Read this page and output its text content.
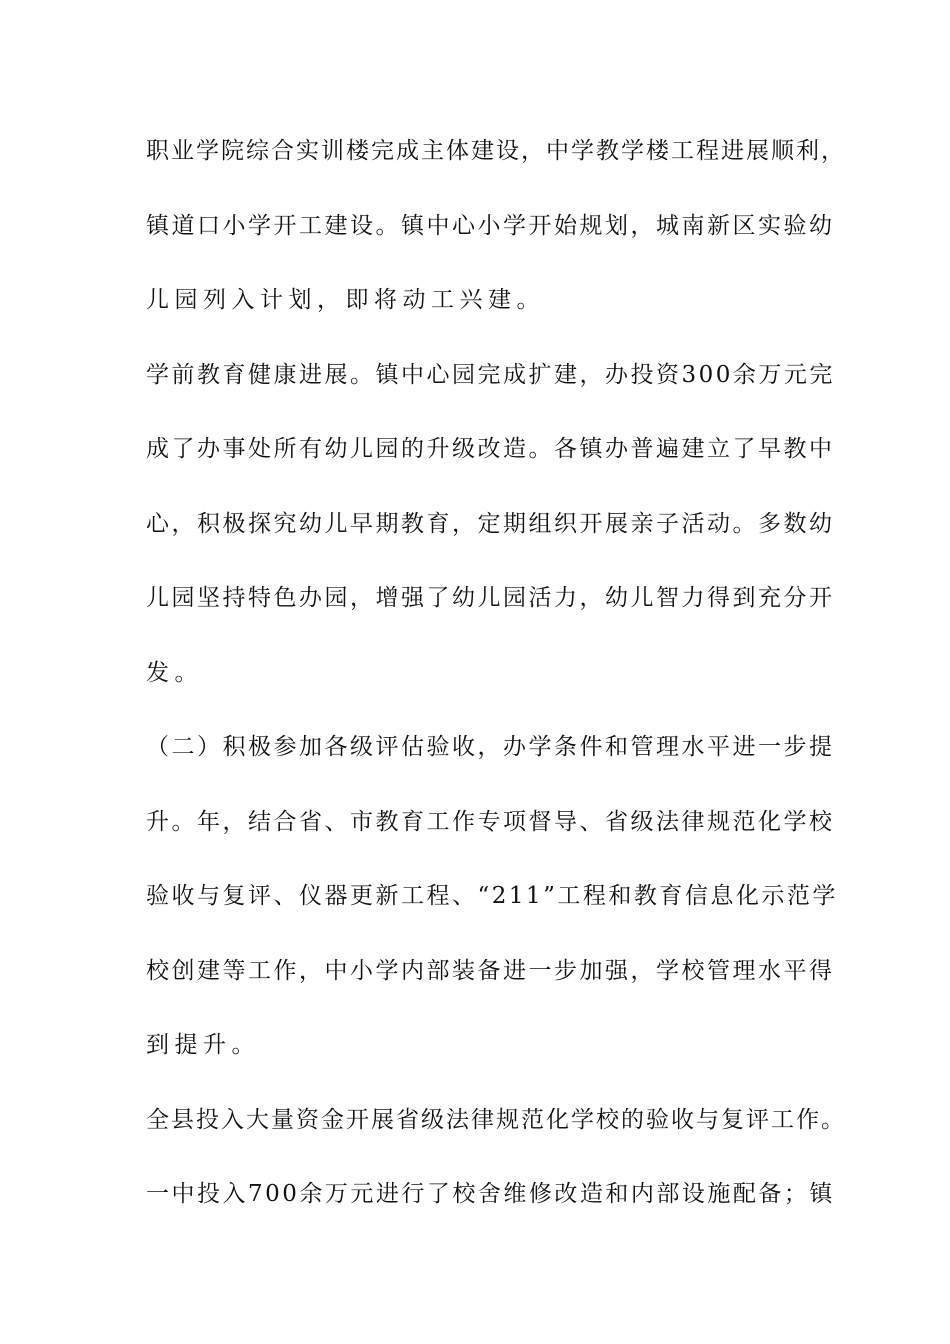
职业学院综合实训楼完成主体建设，中学教学楼工程进展顺利，

镇道口小学开工建设。镇中心小学开始规划，城南新区实验幼

儿园列入计划，即将动工兴建。

学前教育健康进展。镇中心园完成扩建，办投资300余万元完

成了办事处所有幼儿园的升级改造。各镇办普遍建立了早教中

心，积极探究幼儿早期教育，定期组织开展亲子活动。多数幼

儿园坚持特色办园，增强了幼儿园活力，幼儿智力得到充分开

发。

（二）积极参加各级评估验收，办学条件和管理水平进一步提

升。年，结合省、市教育工作专项督导、省级法律规范化学校

验收与复评、仪器更新工程、“211”工程和教育信息化示范学

校创建等工作，中小学内部装备进一步加强，学校管理水平得

到提升。

全县投入大量资金开展省级法律规范化学校的验收与复评工作。

一中投入700余万元进行了校舍维修改造和内部设施配备；镇
